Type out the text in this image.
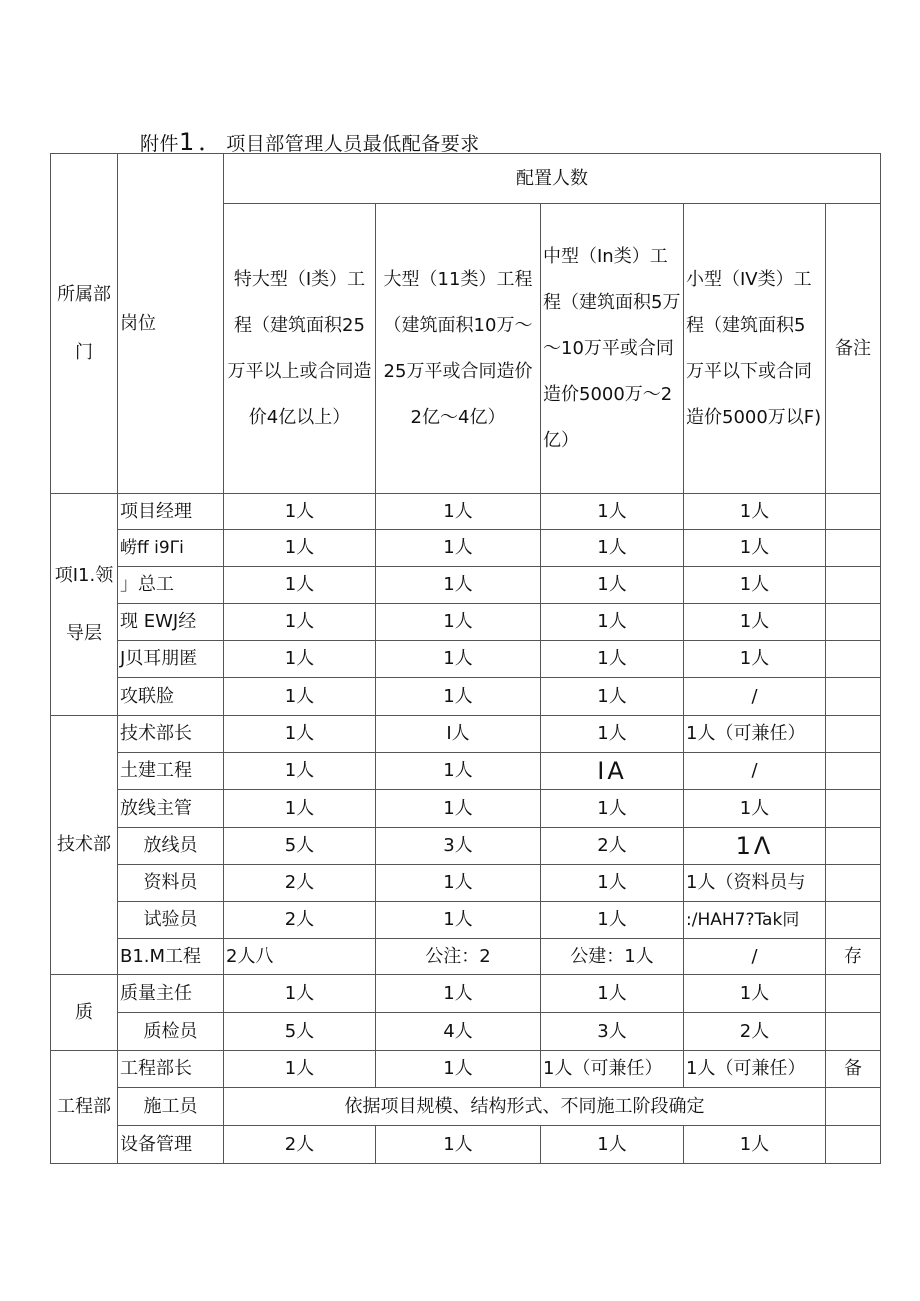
附件1．项目部管理人员最低配备要求
所属部门	岗位	配置人数				
		特大型（I类）工程（建筑面积25万平以上或合同造价4亿以上）	大型（11类）工程（建筑面积10万～25万平或合同造价2亿～4亿）	中型（In类）工程（建筑面积5万～10万平或合同造价5000万～2亿）	小型（IV类）工程（建筑面积5万平以下或合同造价5000万以F)	备注
项I1.领导层	项目经理	1人	1人	1人	1人	
	崂ff i9Γi	1人	1人	1人	1人	
	」总工	1人	1人	1人	1人	
	现 EWJ经	1人	1人	1人	1人	
	J贝耳朋匿	1人	1人	1人	1人	
	攻联脸	1人	1人	1人	/	
技术部	技术部长	1人	I人	1人	1人（可兼任）	
	土建工程	1人	1人	IA	/	
	放线主管	1人	1人	1人	1人	
	放线员	5人	3人	2人	1Λ	
	资料员	2人	1人	1人	1人（资料员与	
	试验员	2人	1人	1人	:/HAH7?Tak同	
	B1.M工程	2人八	公注：2	公建：1人	/	存
质	质量主任	1人	1人	1人	1人	
	质检员	5人	4人	3人	2人	
工程部	工程部长	1人	1人	1人（可兼任）	1人（可兼任）	备
	施工员	依据项目规模、结构形式、不同施工阶段确定				
	设备管理	2人	1人	1人	1人	
